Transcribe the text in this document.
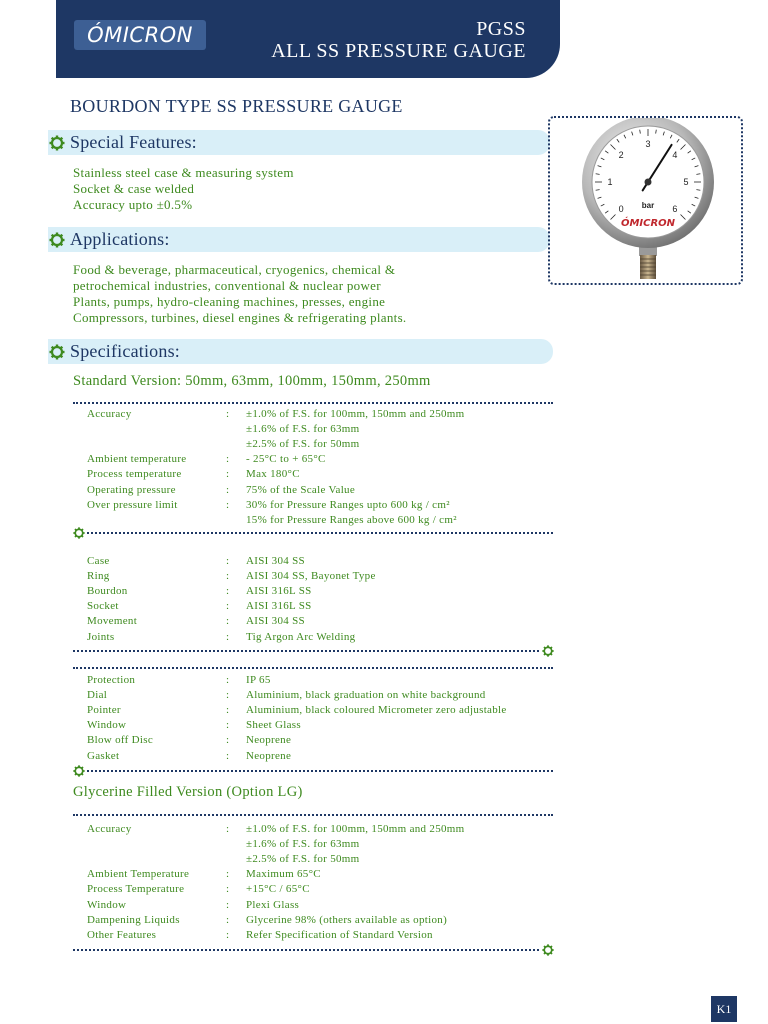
ÓMICRON	PGSS
ALL SS PRESSURE GAUGE
BOURDON TYPE SS PRESSURE GAUGE
Special Features:
Stainless steel case & measuring system
Socket & case welded
Accuracy upto ±0.5%
Applications:
Food & beverage, pharmaceutical, cryogenics, chemical &
petrochemical industries, conventional & nuclear power
Plants, pumps, hydro-cleaning machines, presses, engine
Compressors, turbines, diesel engines & refrigerating plants.
0
1
2
3
4
5
6
bar
ÓMICRON
Specifications:
Standard Version: 50mm, 63mm, 100mm, 150mm, 250mm
Accuracy	: ±1.0% of F.S. for 100mm, 150mm and 250mm
±1.6% of F.S. for 63mm
±2.5% of F.S. for 50mm
Ambient temperature	: - 25°C to + 65°C
Process temperature	: Max 180°C
Operating pressure	: 75% of the Scale Value
Over pressure limit	: 30% for Pressure Ranges upto 600 kg / cm²
15% for Pressure Ranges above 600 kg / cm²
Case	: AISI 304 SS
Ring	: AISI 304 SS, Bayonet Type
Bourdon	: AISI 316L SS
Socket	: AISI 316L SS
Movement	: AISI 304 SS
Joints	: Tig Argon Arc Welding
Protection	: IP 65
Dial	: Aluminium, black graduation on white background
Pointer	: Aluminium, black coloured Micrometer zero adjustable
Window	: Sheet Glass
Blow off Disc	: Neoprene
Gasket	: Neoprene
Glycerine Filled Version (Option LG)
Accuracy	: ±1.0% of F.S. for 100mm, 150mm and 250mm
±1.6% of F.S. for 63mm
±2.5% of F.S. for 50mm
Ambient Temperature	: Maximum 65°C
Process Temperature	: +15°C / 65°C
Window	: Plexi Glass
Dampening Liquids	: Glycerine 98% (others available as option)
Other Features	: Refer Specification of Standard Version
K1
